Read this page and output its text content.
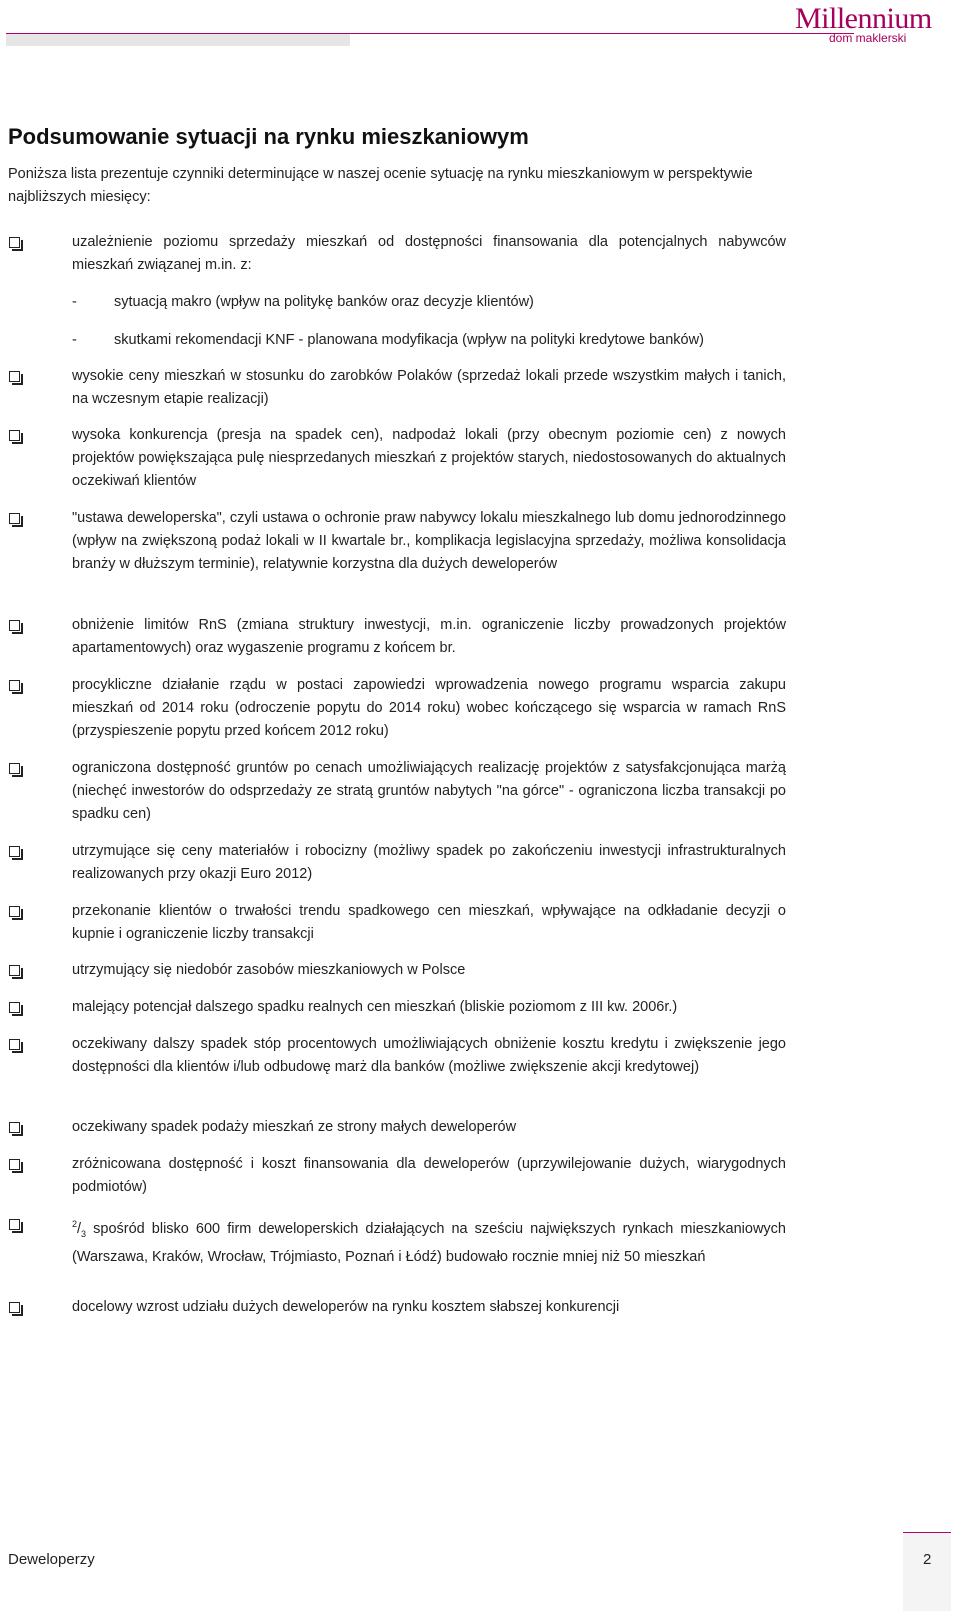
Millennium
dom maklerski
Podsumowanie sytuacji na rynku mieszkaniowym

Poniższa lista prezentuje czynniki determinujące w naszej ocenie sytuację na rynku mieszkaniowym w perspektywie najbliższych miesięcy:

uzależnienie poziomu sprzedaży mieszkań od dostępności finansowania dla potencjalnych nabywców mieszkań związanej m.in. z:
-	sytuacją makro (wpływ na politykę banków oraz decyzje klientów)
-	skutkami rekomendacji KNF - planowana modyfikacja (wpływ na polityki kredytowe banków)
wysokie ceny mieszkań w stosunku do zarobków Polaków (sprzedaż lokali przede wszystkim małych i tanich, na wczesnym etapie realizacji)
wysoka konkurencja (presja na spadek cen), nadpodaż lokali (przy obecnym poziomie cen) z nowych projektów powiększająca pulę niesprzedanych mieszkań z projektów starych, niedostosowanych do aktualnych oczekiwań klientów
"ustawa deweloperska", czyli ustawa o ochronie praw nabywcy lokalu mieszkalnego lub domu jednorodzinnego (wpływ na zwiększoną podaż lokali w II kwartale br., komplikacja legislacyjna sprzedaży, możliwa konsolidacja branży w dłuższym terminie), relatywnie korzystna dla dużych deweloperów
obniżenie limitów RnS (zmiana struktury inwestycji, m.in. ograniczenie liczby prowadzonych projektów apartamentowych) oraz wygaszenie programu z końcem br.
procykliczne działanie rządu w postaci zapowiedzi wprowadzenia nowego programu wsparcia zakupu mieszkań od 2014 roku (odroczenie popytu do 2014 roku) wobec kończącego się wsparcia w ramach RnS (przyspieszenie popytu przed końcem 2012 roku)
ograniczona dostępność gruntów po cenach umożliwiających realizację projektów z satysfakcjonująca marżą (niechęć inwestorów do odsprzedaży ze stratą gruntów nabytych "na górce" - ograniczona liczba transakcji po spadku cen)
utrzymujące się ceny materiałów i robocizny (możliwy spadek po zakończeniu inwestycji infrastrukturalnych realizowanych przy okazji Euro 2012)
przekonanie klientów o trwałości trendu spadkowego cen mieszkań, wpływające na odkładanie decyzji o kupnie i ograniczenie liczby transakcji
utrzymujący się niedobór zasobów mieszkaniowych w Polsce
malejący potencjał dalszego spadku realnych cen mieszkań (bliskie poziomom z III kw. 2006r.)
oczekiwany dalszy spadek stóp procentowych umożliwiających obniżenie kosztu kredytu i zwiększenie jego dostępności dla klientów i/lub odbudowę marż dla banków (możliwe zwiększenie akcji kredytowej)
oczekiwany spadek podaży mieszkań ze strony małych deweloperów
zróżnicowana dostępność i koszt finansowania dla deweloperów (uprzywilejowanie dużych, wiarygodnych podmiotów)
$^2/_3$ spośród blisko 600 firm deweloperskich działających na sześciu największych rynkach mieszkaniowych (Warszawa, Kraków, Wrocław, Trójmiasto, Poznań i Łódź) budowało rocznie mniej niż 50 mieszkań
docelowy wzrost udziału dużych deweloperów na rynku kosztem słabszej konkurencji
Deweloperzy	2
